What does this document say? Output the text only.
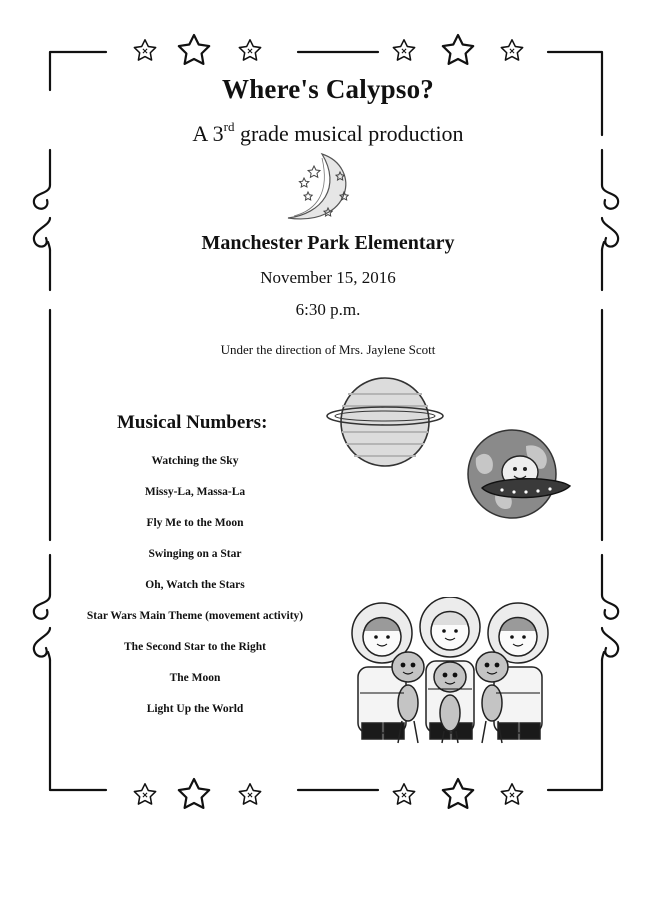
Where's Calypso?
A 3rd grade musical production
Manchester Park Elementary
November 15, 2016
6:30 p.m.
Under the direction of Mrs. Jaylene Scott
Musical Numbers:
Watching the Sky
Missy-La, Massa-La
Fly Me to the Moon
Swinging on a Star
Oh, Watch the Stars
Star Wars Main Theme (movement activity)
The Second Star to the Right
The Moon
Light Up the World
